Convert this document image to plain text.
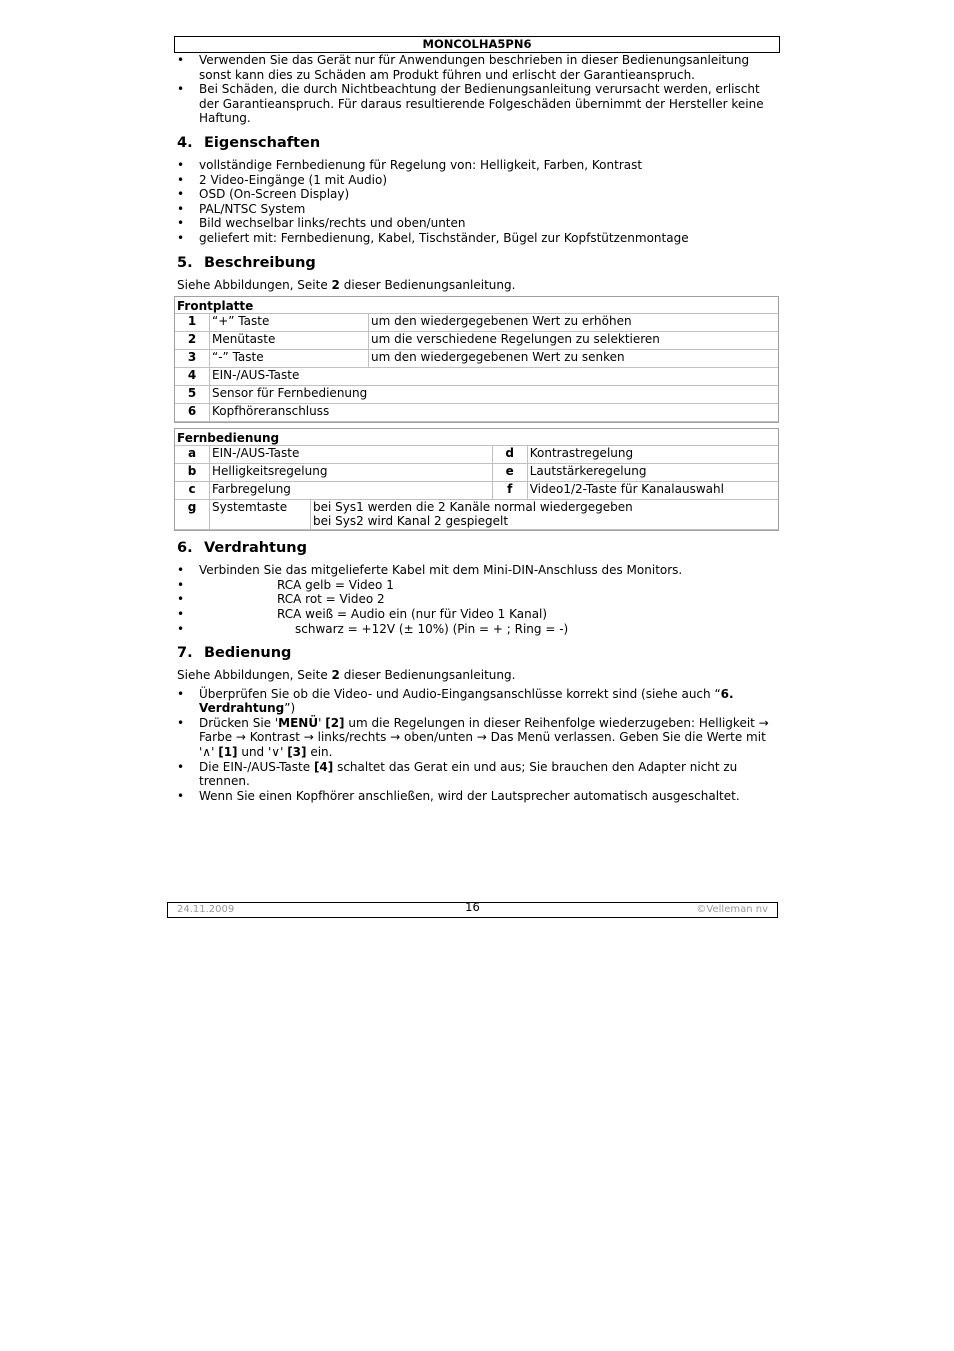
MONCOLHA5PN6
• Verwenden Sie das Gerät nur für Anwendungen beschrieben in dieser Bedienungsanleitung sonst kann dies zu Schäden am Produkt führen und erlischt der Garantieanspruch.
• Bei Schäden, die durch Nichtbeachtung der Bedienungsanleitung verursacht werden, erlischt der Garantieanspruch. Für daraus resultierende Folgeschäden übernimmt der Hersteller keine Haftung.
4. Eigenschaften
• vollständige Fernbedienung für Regelung von: Helligkeit, Farben, Kontrast
• 2 Video-Eingänge (1 mit Audio)
• OSD (On-Screen Display)
• PAL/NTSC System
• Bild wechselbar links/rechts und oben/unten
• geliefert mit: Fernbedienung, Kabel, Tischständer, Bügel zur Kopfstützenmontage
5. Beschreibung

Siehe Abbildungen, Seite 2 dieser Bedienungsanleitung.

Frontplatte		
1	“+” Taste	um den wiedergegebenen Wert zu erhöhen
2	Menütaste	um die verschiedene Regelungen zu selektieren
3	“-” Taste	um den wiedergegebenen Wert zu senken
4	EIN-/AUS-Taste	
5	Sensor für Fernbedienung	
6	Kopfhöreranschluss	
Fernbedienung				
a	EIN-/AUS-Taste		d	Kontrastregelung
b	Helligkeitsregelung		e	Lautstärkeregelung
c	Farbregelung		f	Video1/2-Taste für Kanalauswahl
g	Systemtaste	bei Sys1 werden die 2 Kanäle normal wiedergegeben
bei Sys2 wird Kanal 2 gespiegelt		
6. Verdrahtung
• Verbinden Sie das mitgelieferte Kabel mit dem Mini-DIN-Anschluss des Monitors.
•	RCA gelb = Video 1
•	RCA rot = Video 2
•	RCA weiß = Audio ein (nur für Video 1 Kanal)
•	schwarz = +12V (± 10%) (Pin = + ; Ring = -)
7. Bedienung

Siehe Abbildungen, Seite 2 dieser Bedienungsanleitung.

• Überprüfen Sie ob die Video- und Audio-Eingangsanschlüsse korrekt sind (siehe auch “6. Verdrahtung”)
• Drücken Sie 'MENÜ' [2] um die Regelungen in dieser Reihenfolge wiederzugeben: Helligkeit → Farbe → Kontrast → links/rechts → oben/unten → Das Menü verlassen. Geben Sie die Werte mit '∧' [1] und '∨' [3] ein.
• Die EIN-/AUS-Taste [4] schaltet das Gerat ein und aus; Sie brauchen den Adapter nicht zu trennen.
• Wenn Sie einen Kopfhörer anschließen, wird der Lautsprecher automatisch ausgeschaltet.
24.11.2009	16	©Velleman nv
